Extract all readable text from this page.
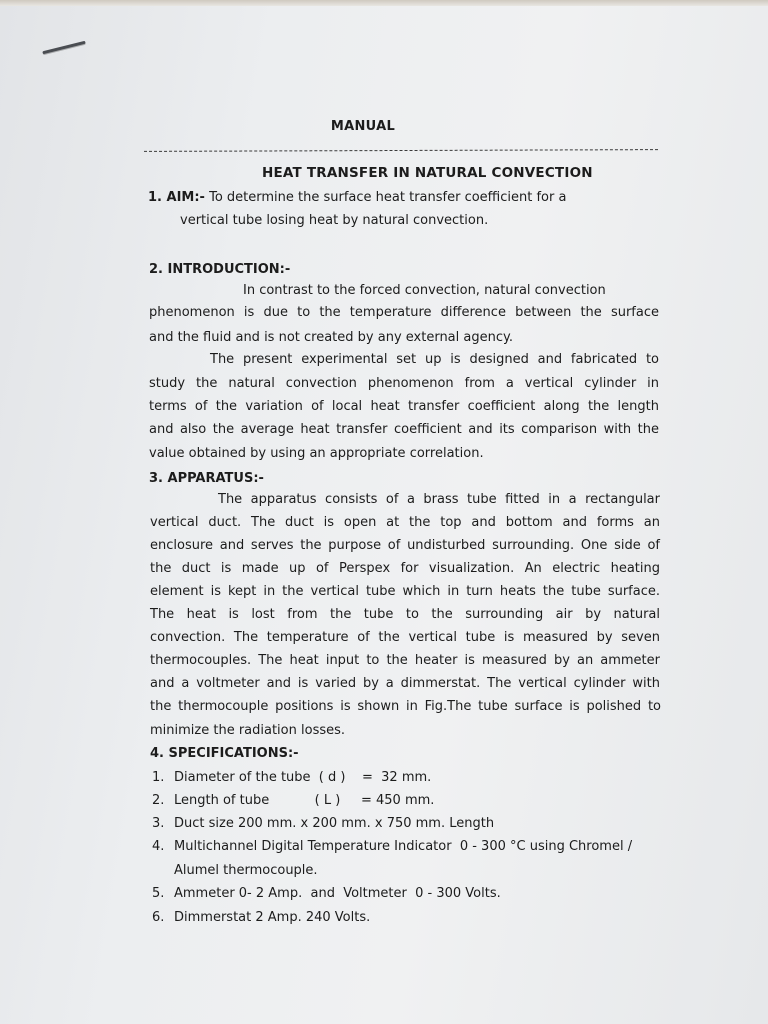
MANUAL
HEAT TRANSFER IN NATURAL CONVECTION
1. AIM:- To determine the surface heat transfer coefficient for a
vertical tube losing heat by natural convection.
2. INTRODUCTION:-
In contrast to the forced convection, natural convection
phenomenon is due to the temperature difference between the surface
and the fluid and is not created by any external agency.
The present experimental set up is designed and fabricated to
study the natural convection phenomenon from a vertical cylinder in
terms of the variation of local heat transfer coefficient along the length
and also the average heat transfer coefficient and its comparison with the
value obtained by using an appropriate correlation.
3. APPARATUS:-
The apparatus consists of a brass tube fitted in a rectangular
vertical duct. The duct is open at the top and bottom and forms an
enclosure and serves the purpose of undisturbed surrounding. One side of
the duct is made up of Perspex for visualization. An electric heating
element is kept in the vertical tube which in turn heats the tube surface.
The heat is lost from the tube to the surrounding air by natural
convection. The temperature of the vertical tube is measured by seven
thermocouples. The heat input to the heater is measured by an ammeter
and a voltmeter and is varied by a dimmerstat. The vertical cylinder with
the thermocouple positions is shown in Fig.The tube surface is polished to
minimize the radiation losses.
4. SPECIFICATIONS:-
1. Diameter of the tube  ( d )    =  32 mm.
2. Length of tube           ( L )     = 450 mm.
3. Duct size 200 mm. x 200 mm. x 750 mm. Length
4. Multichannel Digital Temperature Indicator  0 - 300 °C using Chromel /
Alumel thermocouple.
5. Ammeter 0- 2 Amp.  and  Voltmeter  0 - 300 Volts.
6. Dimmerstat 2 Amp. 240 Volts.
